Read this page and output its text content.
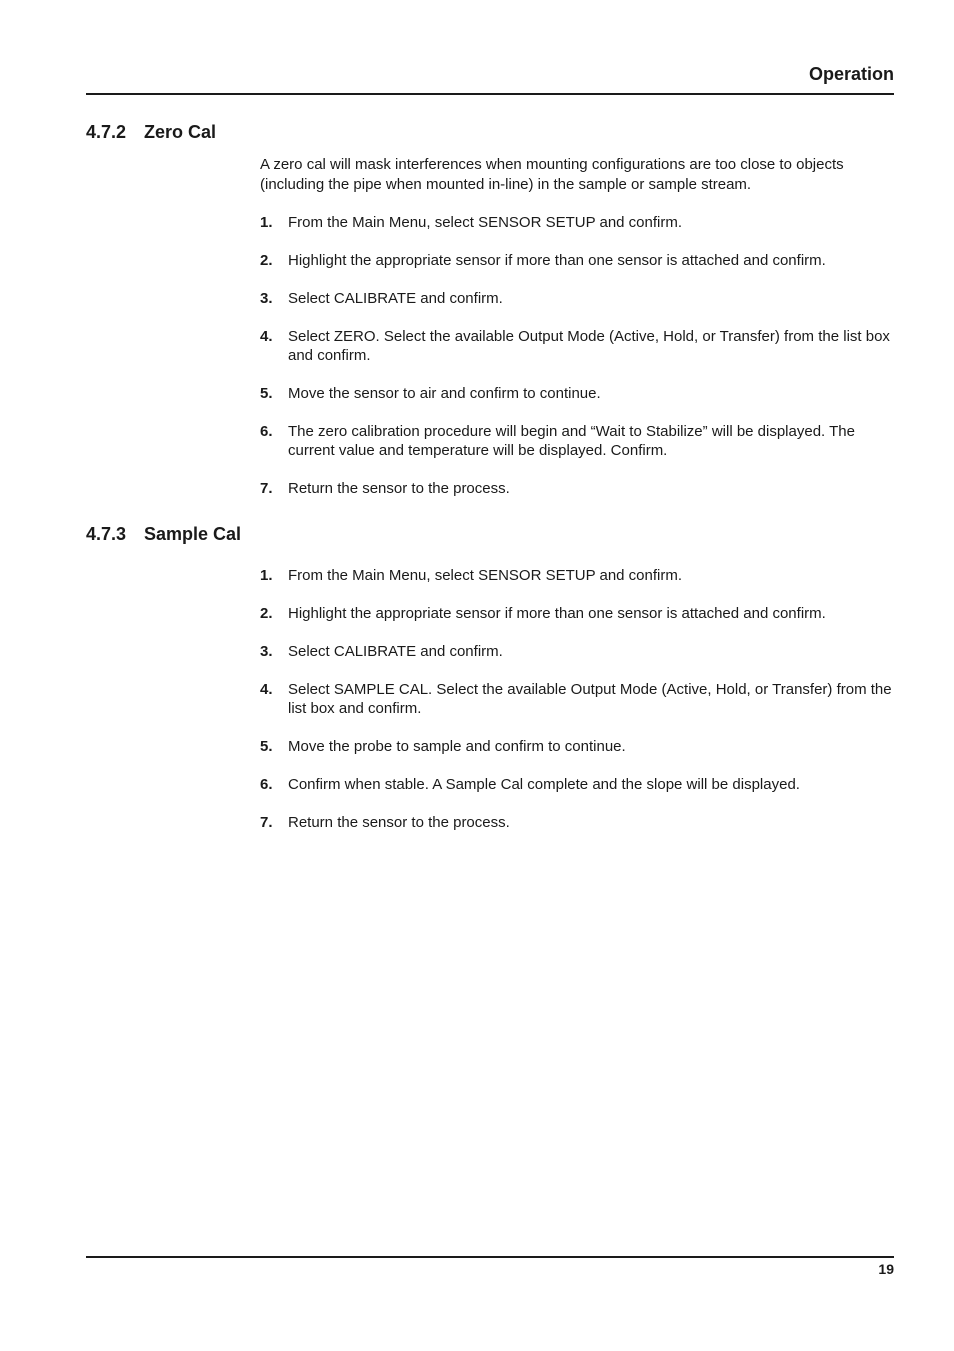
Operation
4.7.2 Zero Cal

A zero cal will mask interferences when mounting configurations are too close to objects (including the pipe when mounted in-line) in the sample or sample stream.

1. From the Main Menu, select SENSOR SETUP and confirm.
2. Highlight the appropriate sensor if more than one sensor is attached and confirm.
3. Select CALIBRATE and confirm.
4. Select ZERO. Select the available Output Mode (Active, Hold, or Transfer) from the list box and confirm.
5. Move the sensor to air and confirm to continue.
6. The zero calibration procedure will begin and “Wait to Stabilize” will be displayed. The current value and temperature will be displayed. Confirm.
7. Return the sensor to the process.
4.7.3 Sample Cal
1. From the Main Menu, select SENSOR SETUP and confirm.
2. Highlight the appropriate sensor if more than one sensor is attached and confirm.
3. Select CALIBRATE and confirm.
4. Select SAMPLE CAL. Select the available Output Mode (Active, Hold, or Transfer) from the list box and confirm.
5. Move the probe to sample and confirm to continue.
6. Confirm when stable. A Sample Cal complete and the slope will be displayed.
7. Return the sensor to the process.
19
